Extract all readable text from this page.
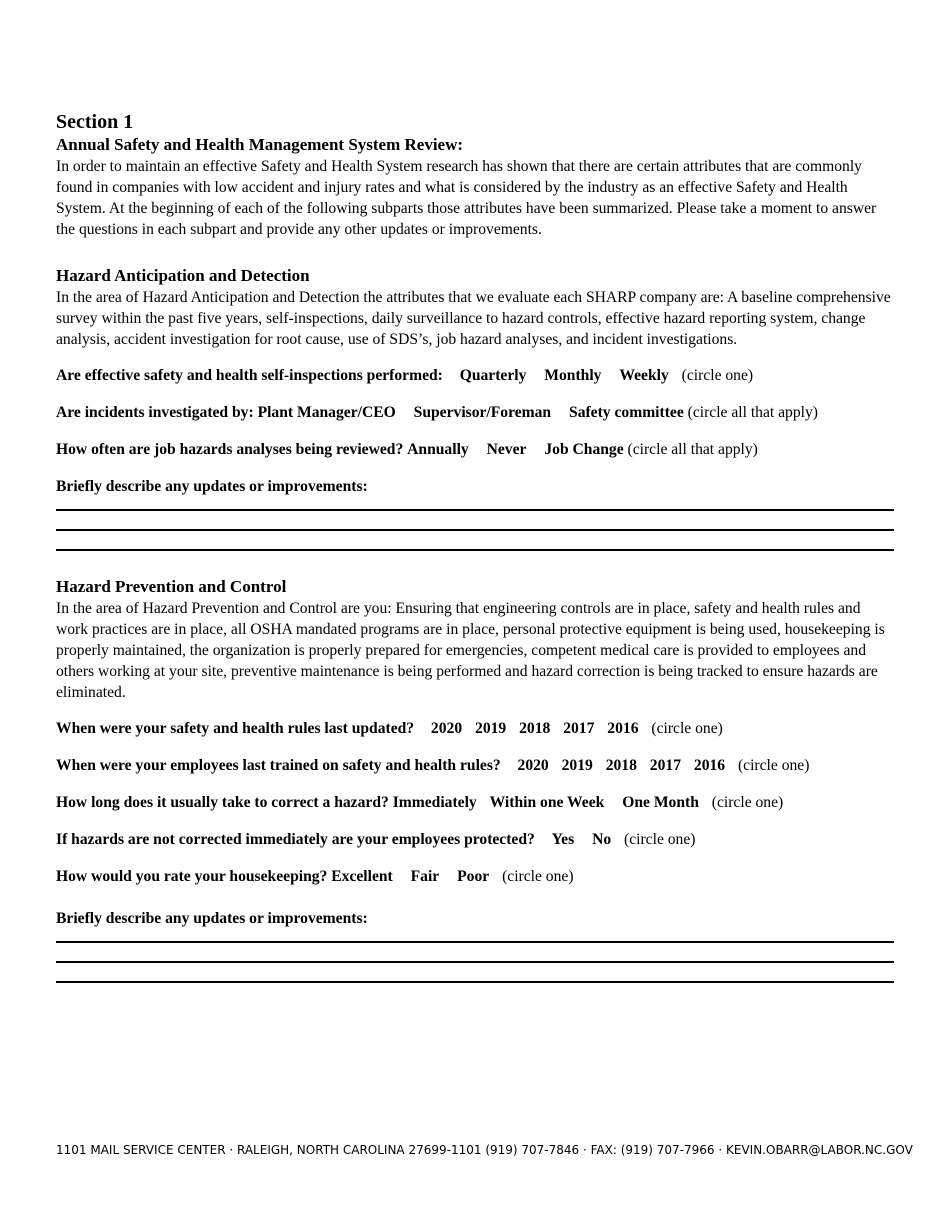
Section 1
Annual Safety and Health Management System Review:

In order to maintain an effective Safety and Health System research has shown that there are certain attributes that are commonly found in companies with low accident and injury rates and what is considered by the industry as an effective Safety and Health System. At the beginning of each of the following subparts those attributes have been summarized. Please take a moment to answer the questions in each subpart and provide any other updates or improvements.

Hazard Anticipation and Detection

In the area of Hazard Anticipation and Detection the attributes that we evaluate each SHARP company are: A baseline comprehensive survey within the past five years, self-inspections, daily surveillance to hazard controls, effective hazard reporting system, change analysis, accident investigation for root cause, use of SDS’s, job hazard analyses, and incident investigations.

Are effective safety and health self-inspections performed: Quarterly Monthly Weekly (circle one)
Are incidents investigated by: Plant Manager/CEO Supervisor/Foreman Safety committee (circle all that apply)
How often are job hazards analyses being reviewed? Annually Never Job Change (circle all that apply)
Briefly describe any updates or improvements:
Hazard Prevention and Control

In the area of Hazard Prevention and Control are you: Ensuring that engineering controls are in place, safety and health rules and work practices are in place, all OSHA mandated programs are in place, personal protective equipment is being used, housekeeping is properly maintained, the organization is properly prepared for emergencies, competent medical care is provided to employees and others working at your site, preventive maintenance is being performed and hazard correction is being tracked to ensure hazards are eliminated.

When were your safety and health rules last updated? 2020 2019 2018 2017 2016 (circle one)
When were your employees last trained on safety and health rules? 2020 2019 2018 2017 2016 (circle one)
How long does it usually take to correct a hazard? Immediately Within one Week One Month (circle one)
If hazards are not corrected immediately are your employees protected? Yes No (circle one)
How would you rate your housekeeping? Excellent Fair Poor (circle one)
Briefly describe any updates or improvements:
1101 MAIL SERVICE CENTER · RALEIGH, NORTH CAROLINA 27699-1101 (919) 707-7846 · FAX: (919) 707-7966 · KEVIN.OBARR@LABOR.NC.GOV
